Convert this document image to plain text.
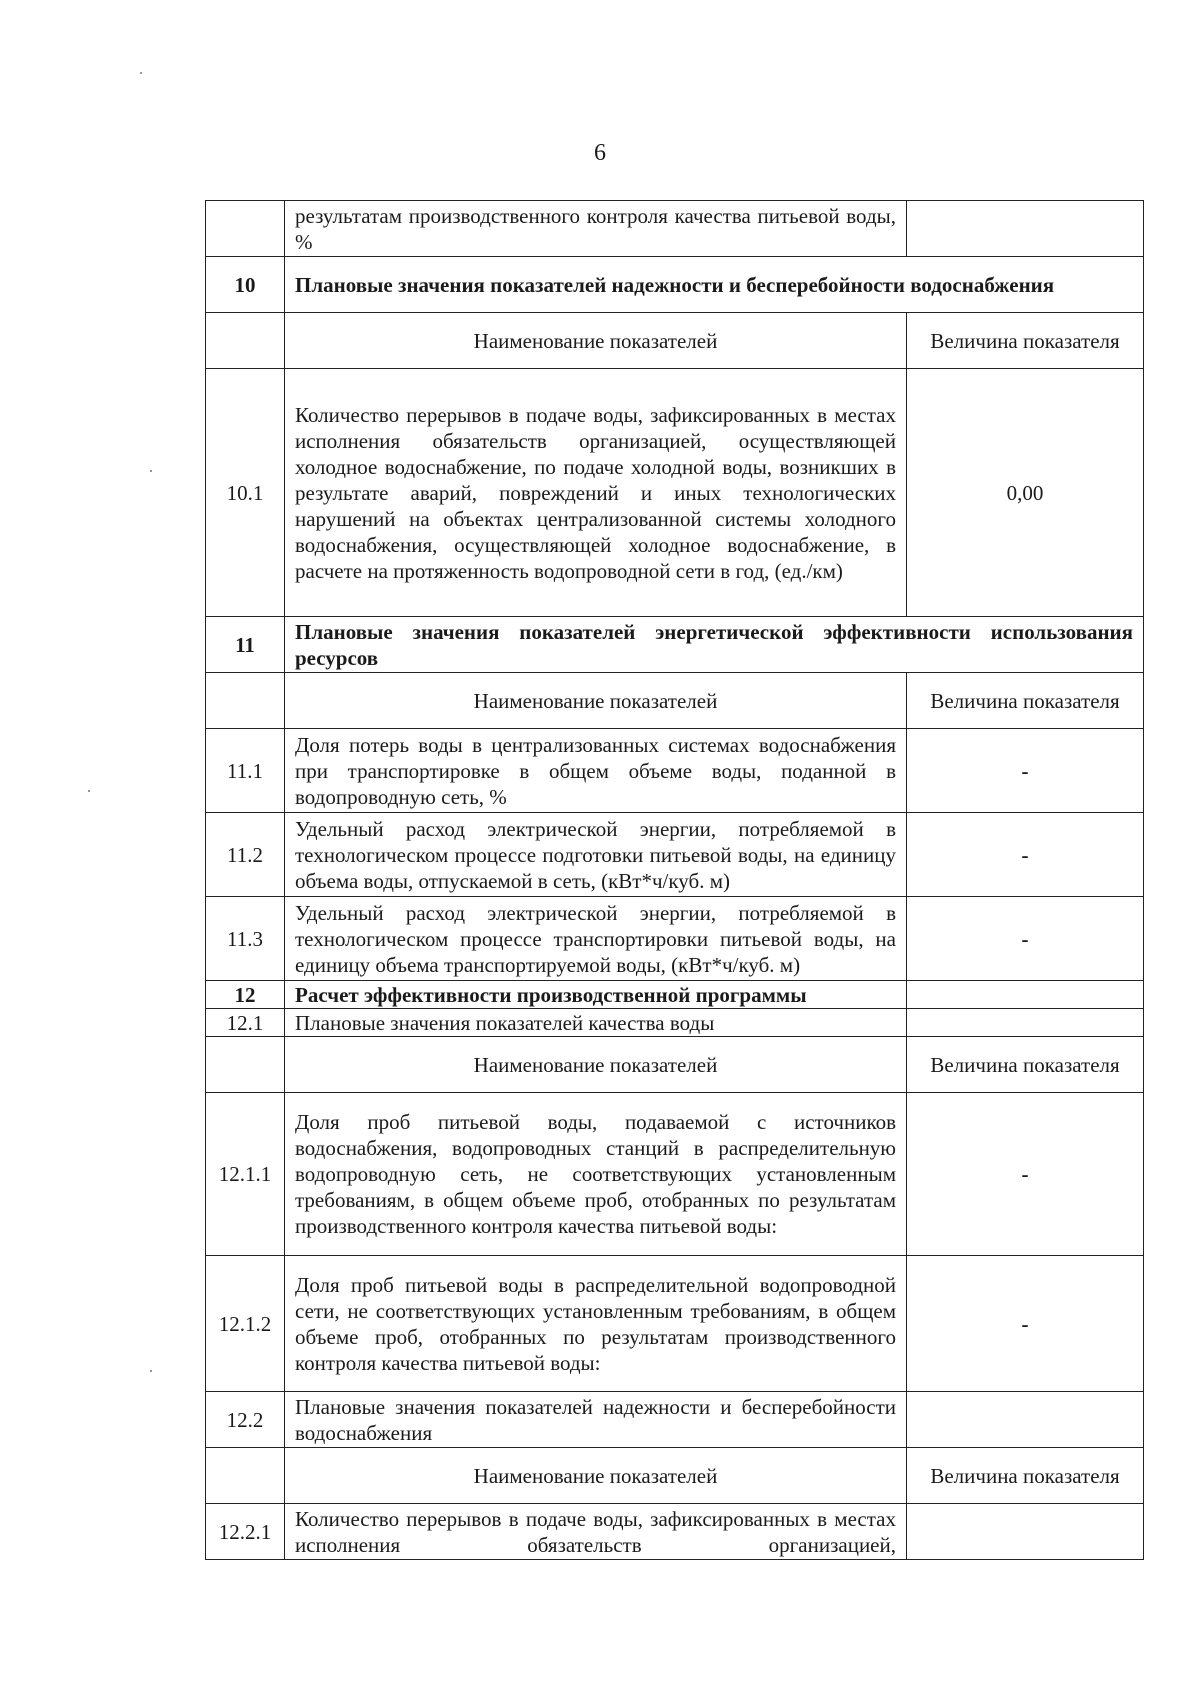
6
	результатам производственного контроля качества питьевой воды, %	
10	Плановые значения показателей надежности и бесперебойности водоснабжения	
	Наименование показателей	Величина показателя
10.1	Количество перерывов в подаче воды, зафиксированных в местах исполнения обязательств организацией, осуществляющей холодное водоснабжение, по подаче холодной воды, возникших в результате аварий, повреждений и иных технологических нарушений на объектах централизованной системы холодного водоснабжения, осуществляющей холодное водоснабжение, в расчете на протяженность водопроводной сети в год, (ед./км)	0,00
11	Плановые значения показателей энергетической эффективности использования ресурсов	
	Наименование показателей	Величина показателя
11.1	Доля потерь воды в централизованных системах водоснабжения при транспортировке в общем объеме воды, поданной в водопроводную сеть, %	-
11.2	Удельный расход электрической энергии, потребляемой в технологическом процессе подготовки питьевой воды, на единицу объема воды, отпускаемой в сеть, (кВт*ч/куб. м)	-
11.3	Удельный расход электрической энергии, потребляемой в технологическом процессе транспортировки питьевой воды, на единицу объема транспортируемой воды, (кВт*ч/куб. м)	-
12	Расчет эффективности производственной программы	
12.1	Плановые значения показателей качества воды	
	Наименование показателей	Величина показателя
12.1.1	Доля проб питьевой воды, подаваемой с источников водоснабжения, водопроводных станций в распределительную водопроводную сеть, не соответствующих установленным требованиям, в общем объеме проб, отобранных по результатам производственного контроля качества питьевой воды:	-
12.1.2	Доля проб питьевой воды в распределительной водопроводной сети, не соответствующих установленным требованиям, в общем объеме проб, отобранных по результатам производственного контроля качества питьевой воды:	-
12.2	Плановые значения показателей надежности и бесперебойности водоснабжения	
	Наименование показателей	Величина показателя
12.2.1	Количество перерывов в подаче воды, зафиксированных в местах исполнения обязательств организацией,	
